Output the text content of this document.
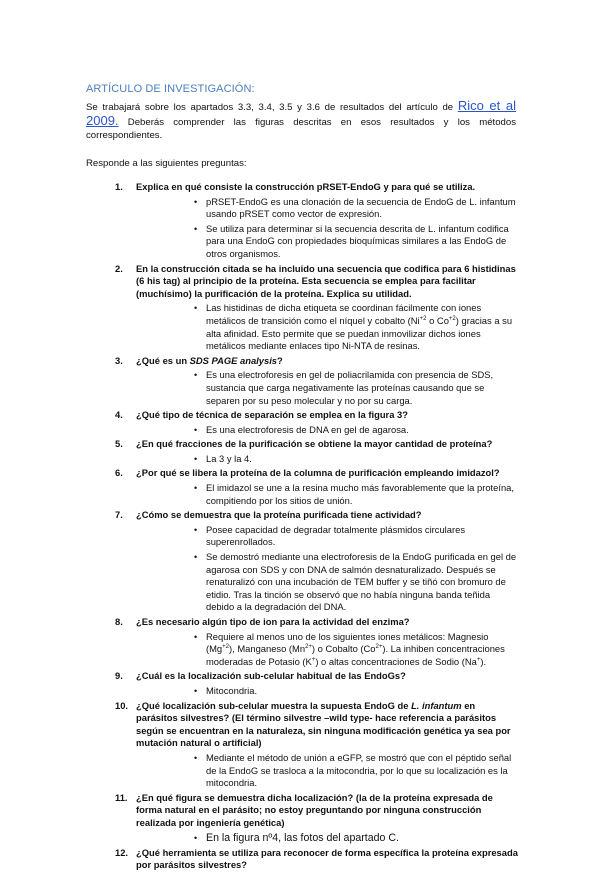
ARTÍCULO DE INVESTIGACIÓN:
Se trabajará sobre los apartados 3.3, 3.4, 3.5 y 3.6 de resultados del artículo de Rico et al 2009. Deberás comprender las figuras descritas en esos resultados y los métodos correspondientes.
Responde a las siguientes preguntas:
1.	Explica en qué consiste la construcción pRSET-EndoG y para qué se utiliza.
• pRSET-EndoG es una clonación de la secuencia de EndoG de L. infantum usando pRSET como vector de expresión.
• Se utiliza para determinar si la secuencia descrita de L. infantum codifica para una EndoG con propiedades bioquímicas similares a las EndoG de otros organismos.
2.	En la construcción citada se ha incluido una secuencia que codifica para 6 histidinas (6 his tag) al principio de la proteína. Esta secuencia se emplea para facilitar (muchísimo) la purificación de la proteína. Explica su utilidad.
• Las histidinas de dicha etiqueta se coordinan fácilmente con iones metálicos de transición como el níquel y cobalto ($Ni^{+2}$ o $Co^{+2}$) gracias a su alta afinidad. Esto permite que se puedan inmovilizar dichos iones metálicos mediante enlaces tipo Ni-NTA de resinas.
3.	¿Qué es un SDS PAGE analysis?
• Es una electroforesis en gel de poliacrilamida con presencia de SDS, sustancia que carga negativamente las proteínas causando que se separen por su peso molecular y no por su carga.
4.	¿Qué tipo de técnica de separación se emplea en la figura 3?
• Es una electroforesis de DNA en gel de agarosa.
5.	¿En qué fracciones de la purificación se obtiene la mayor cantidad de proteína?
• La 3 y la 4.
6.	¿Por qué se libera la proteína de la columna de purificación empleando imidazol?
• El imidazol se une a la resina mucho más favorablemente que la proteína, compitiendo por los sitios de unión.
7.	¿Cómo se demuestra que la proteína purificada tiene actividad?
• Posee capacidad de degradar totalmente plásmidos circulares superenrollados.
• Se demostró mediante una electroforesis de la EndoG purificada en gel de agarosa con SDS y con DNA de salmón desnaturalizado. Después se renaturalizó con una incubación de TEM buffer y se tiñó con bromuro de etidio. Tras la tinción se observó que no había ninguna banda teñida debido a la degradación del DNA.
8.	¿Es necesario algún tipo de ion para la actividad del enzima?
• Requiere al menos uno de los siguientes iones metálicos: Magnesio $(Mg^{+2})$, Manganeso $(Mn^{2+})$ o Cobalto $(Co^{2+})$. La inhiben concentraciones moderadas de Potasio (K+) o altas concentraciones de Sodio (Na+).
9.	¿Cuál es la localización sub-celular habitual de las EndoGs?
• Mitocondria.
10. ¿Qué localización sub-celular muestra la supuesta EndoG de L. infantum en parásitos silvestres? (El término silvestre –wild type- hace referencia a parásitos según se encuentran en la naturaleza, sin ninguna modificación genética ya sea por mutación natural o artificial)
• Mediante el método de unión a eGFP, se mostró que con el péptido señal de la EndoG se trasloca a la mitocondria, por lo que su localización es la mitocondria.
11. ¿En qué figura se demuestra dicha localización? (la de la proteína expresada de forma natural en el parásito; no estoy preguntando por ninguna construcción realizada por ingeniería genética)
• En la figura nº4, las fotos del apartado C.
12. ¿Qué herramienta se utiliza para reconocer de forma específica la proteína expresada por parásitos silvestres?
